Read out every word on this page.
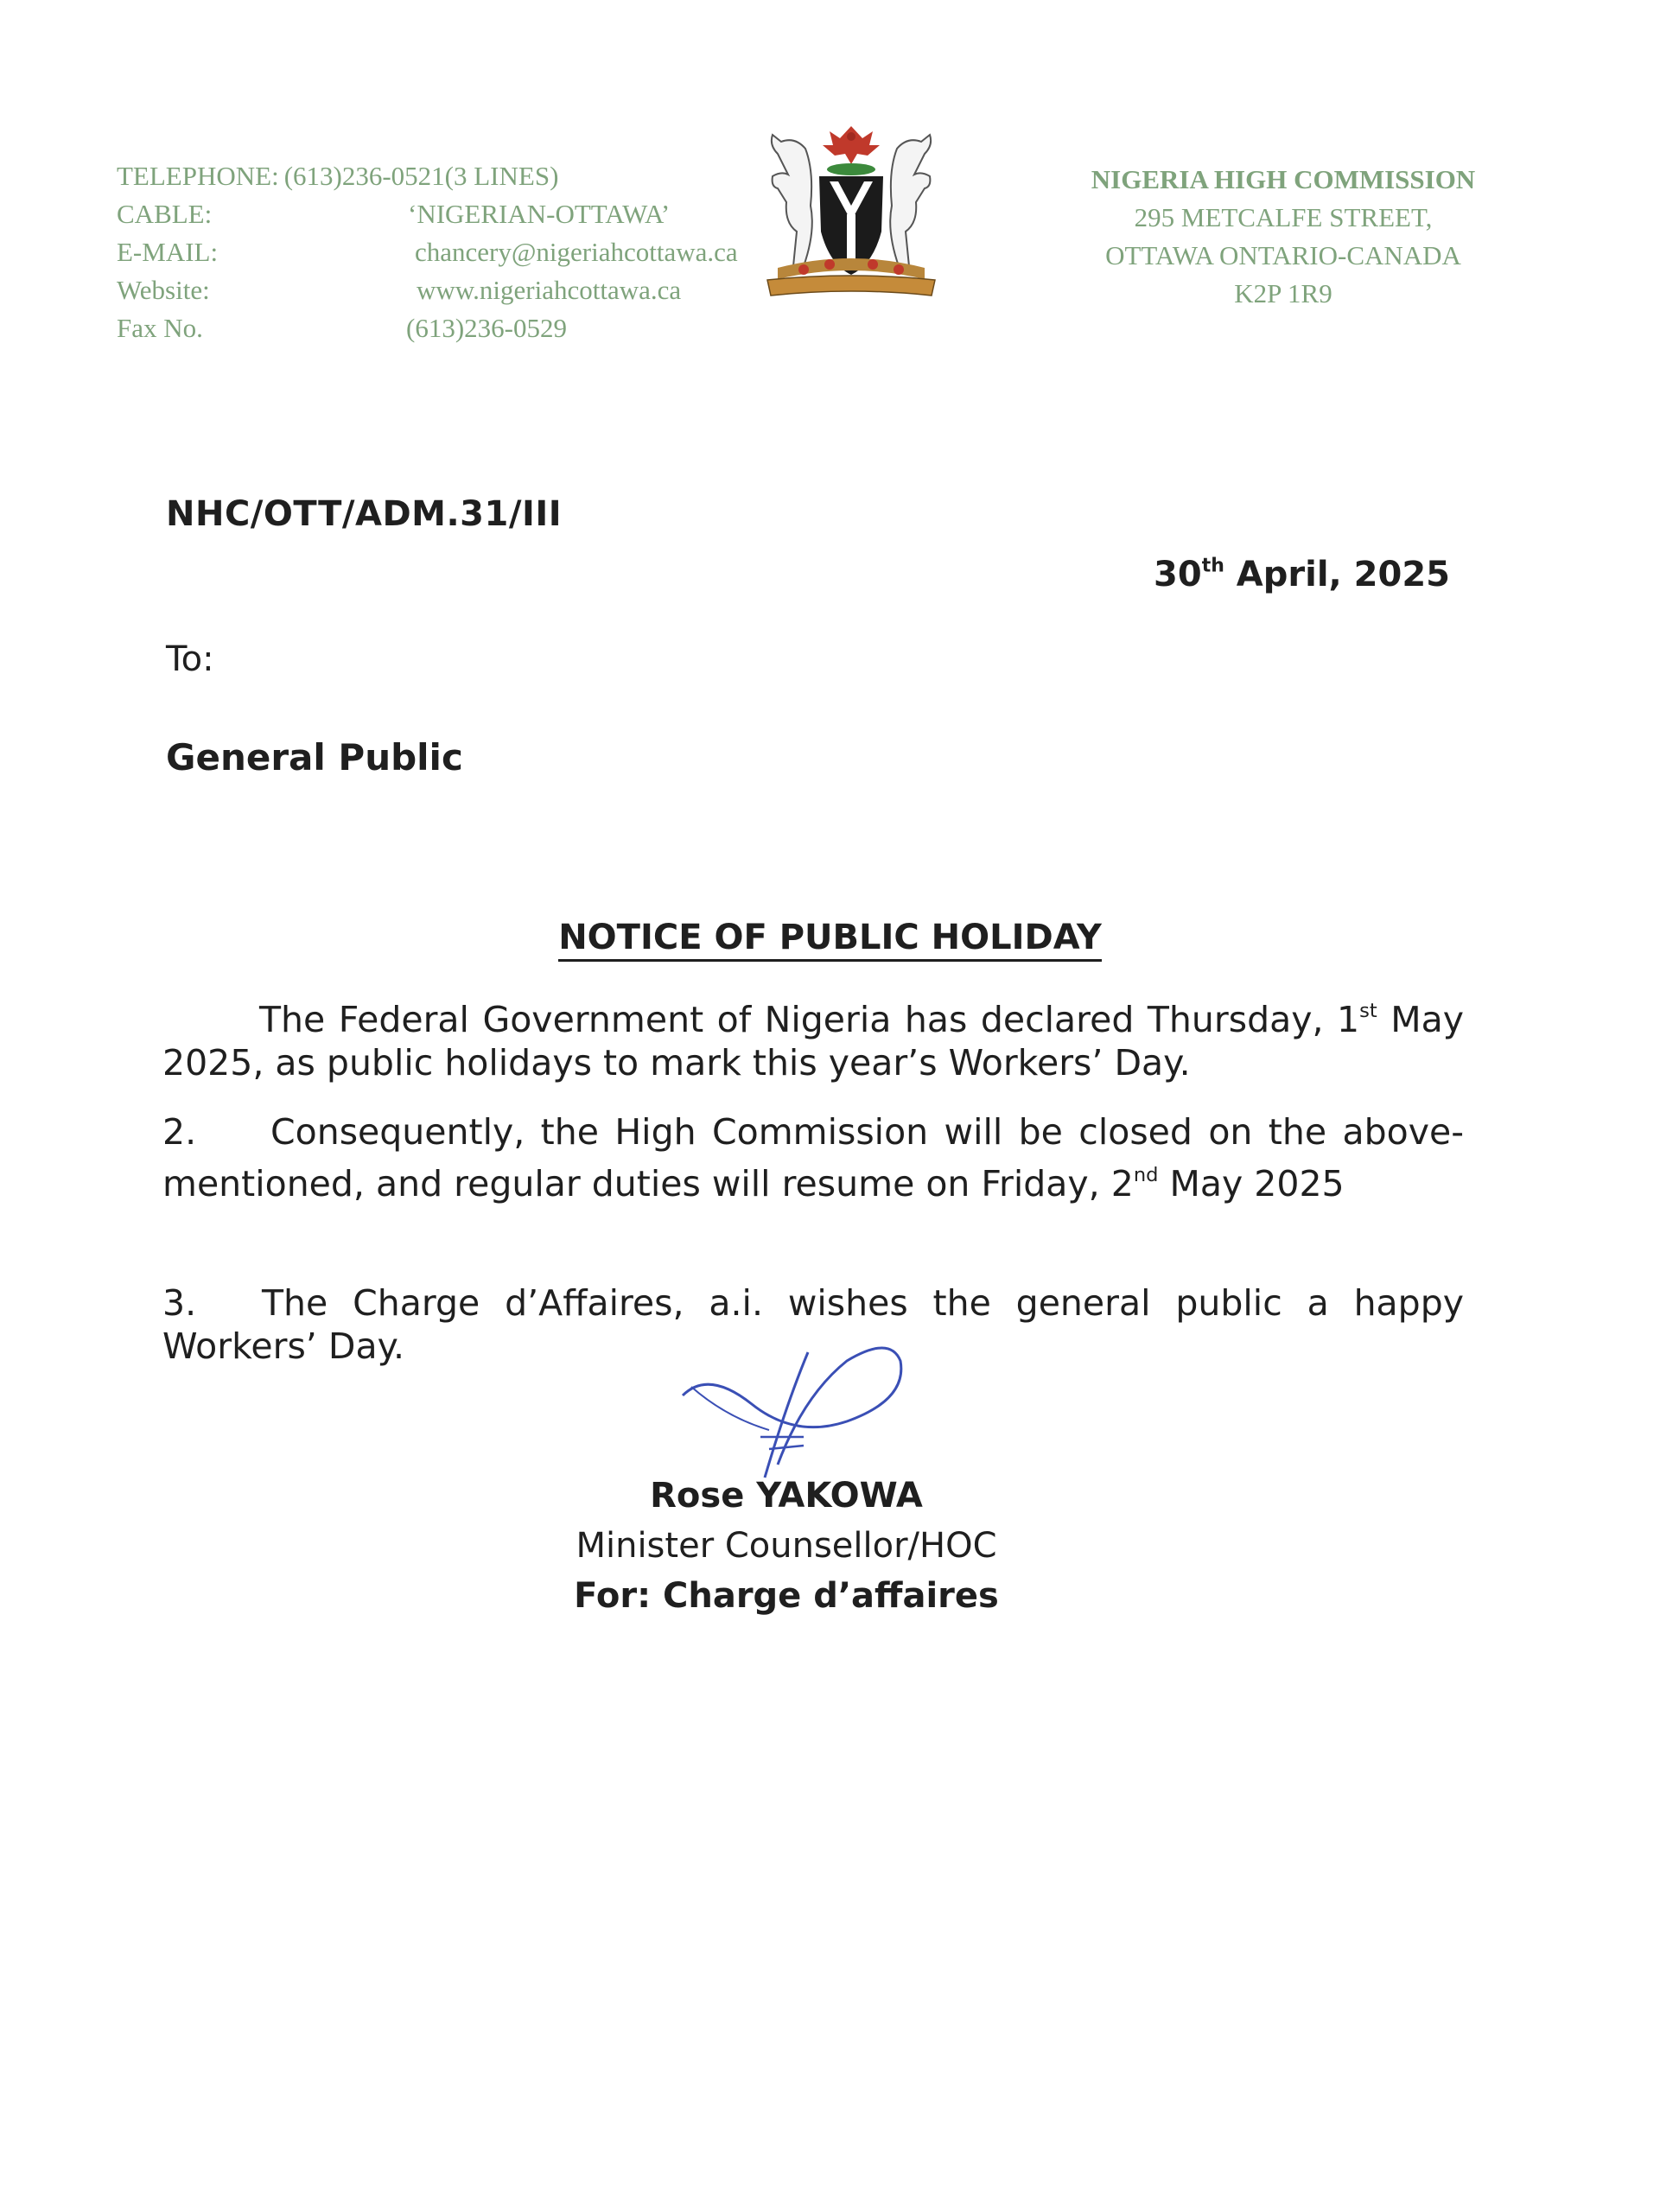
TELEPHONE: (613)236-0521(3 LINES)
CABLE:	‘NIGERIAN-OTTAWA’
E-MAIL:	chancery@nigeriahcottawa.ca
Website:	www.nigeriahcottawa.ca
Fax No.	(613)236-0529
NIGERIA HIGH COMMISSION
295 METCALFE STREET,
OTTAWA ONTARIO-CANADA
K2P 1R9
NHC/OTT/ADM.31/III
30th April, 2025
To:
General Public
NOTICE OF PUBLIC HOLIDAY
The Federal Government of Nigeria has declared Thursday, 1st May 2025, as public holidays to mark this year’s Workers’ Day.
2. Consequently, the High Commission will be closed on the above-mentioned, and regular duties will resume on Friday, 2nd May 2025
3. The Charge d’Affaires, a.i. wishes the general public a happy Workers’ Day.
Rose YAKOWA
Minister Counsellor/HOC
For: Charge d’affaires
